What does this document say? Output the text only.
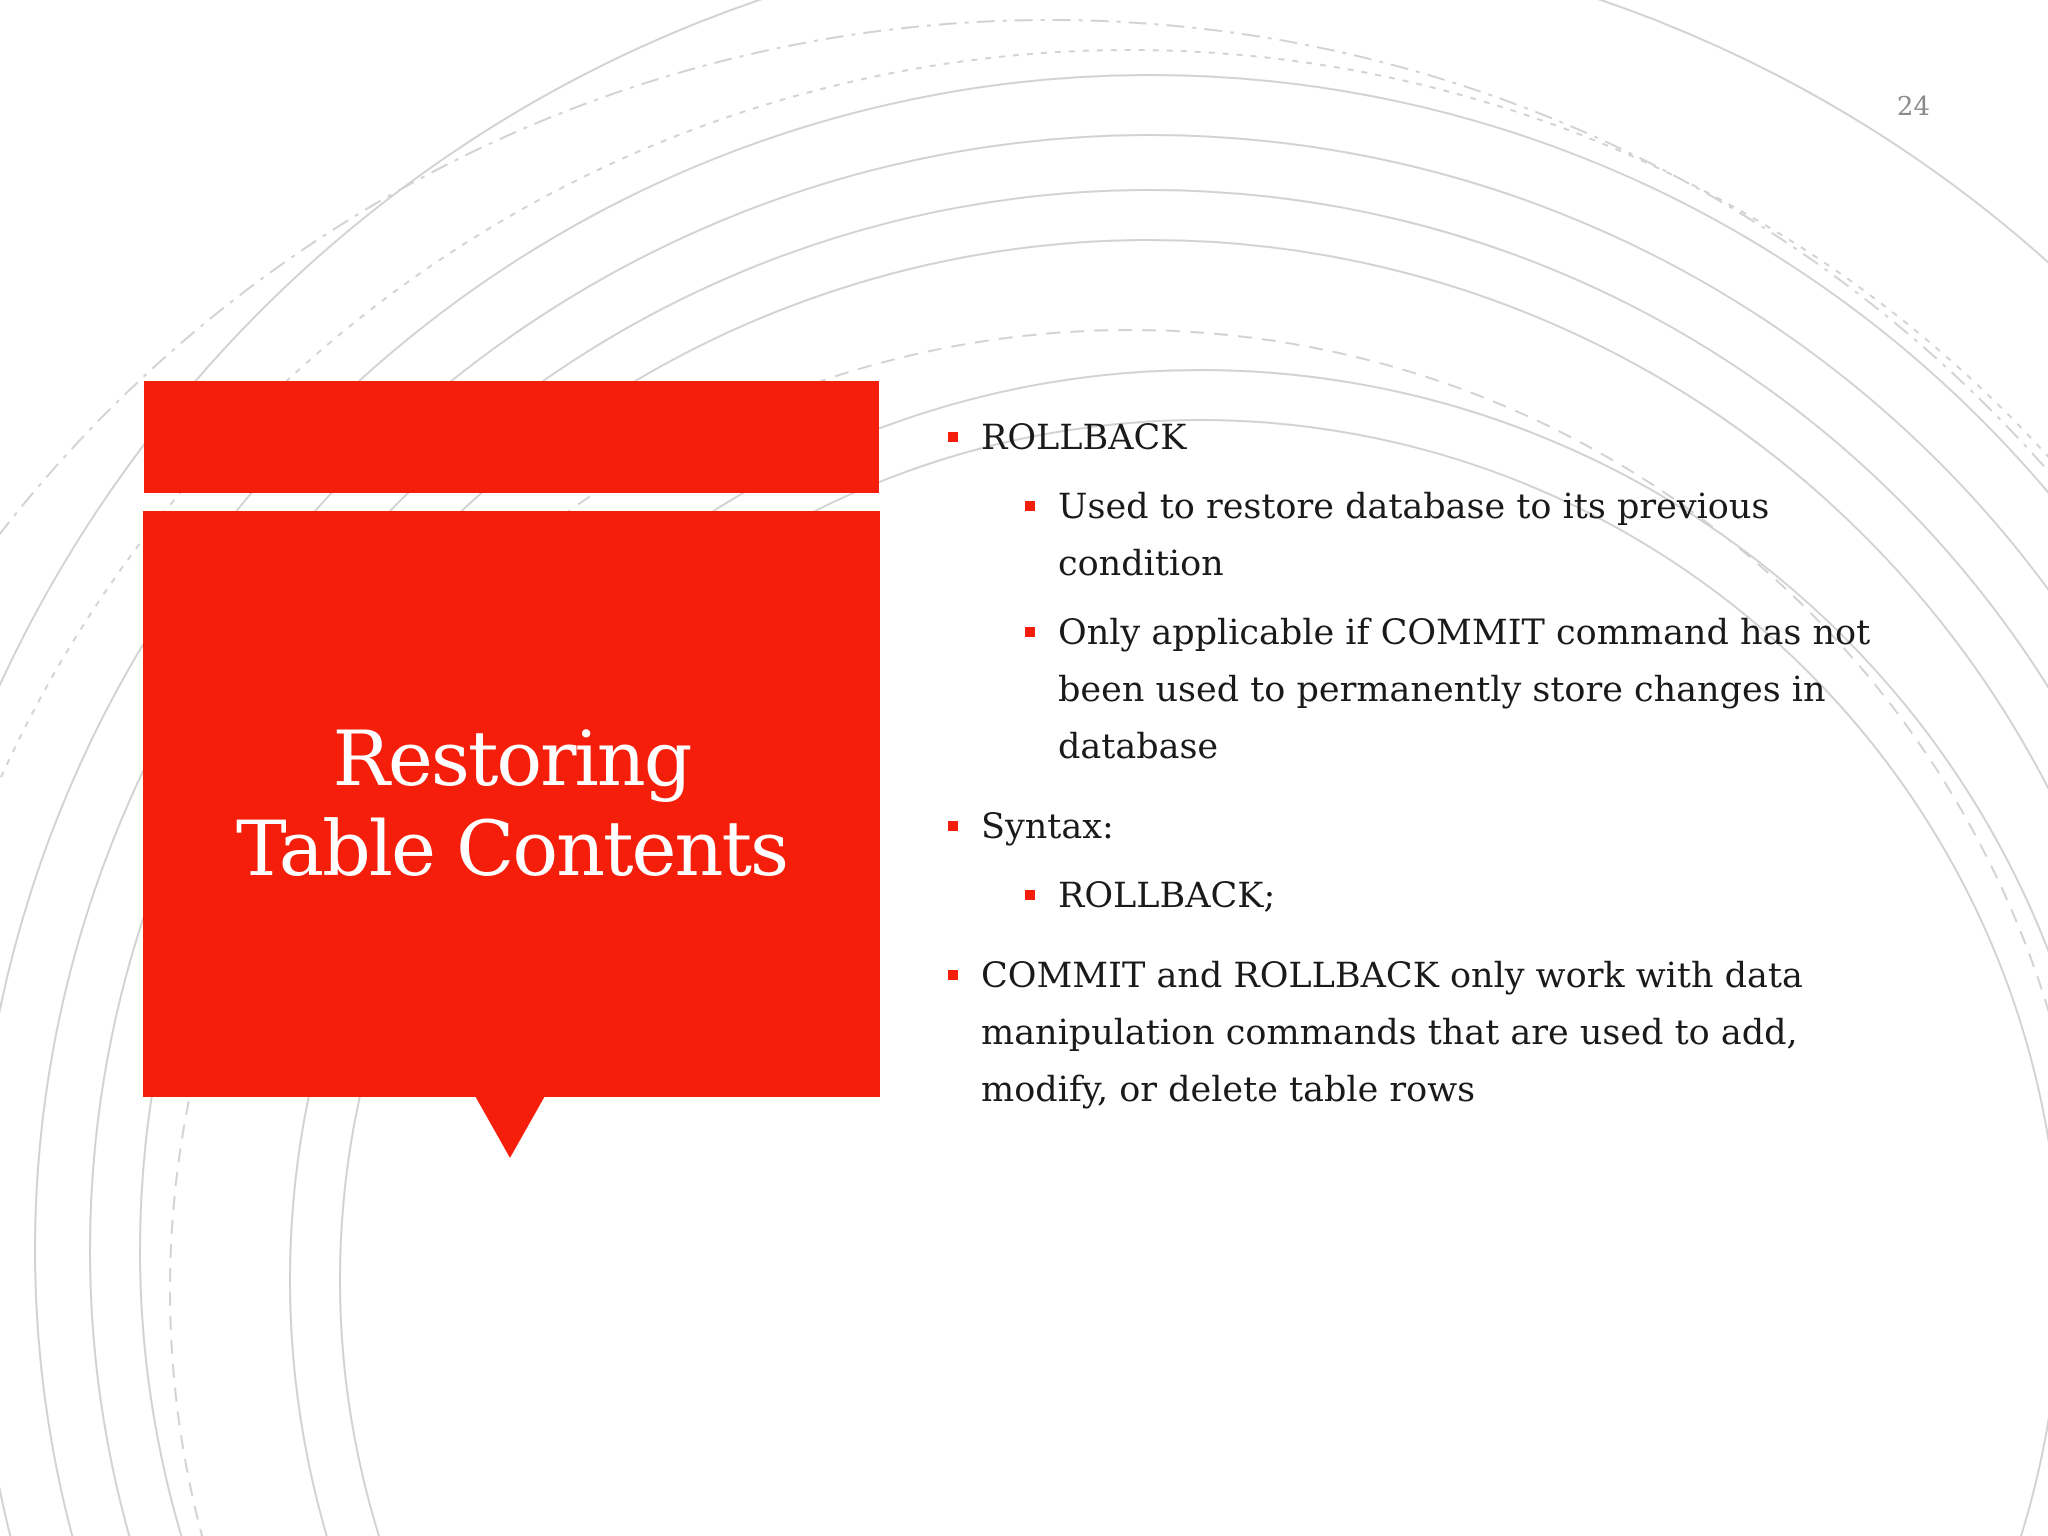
24
Restoring
Table Contents

ROLLBACK

Used to restore database to its previous condition

Only applicable if COMMIT command has not been used to permanently store changes in database

Syntax:

ROLLBACK;

COMMIT and ROLLBACK only work with data manipulation commands that are used to add, modify, or delete table rows
